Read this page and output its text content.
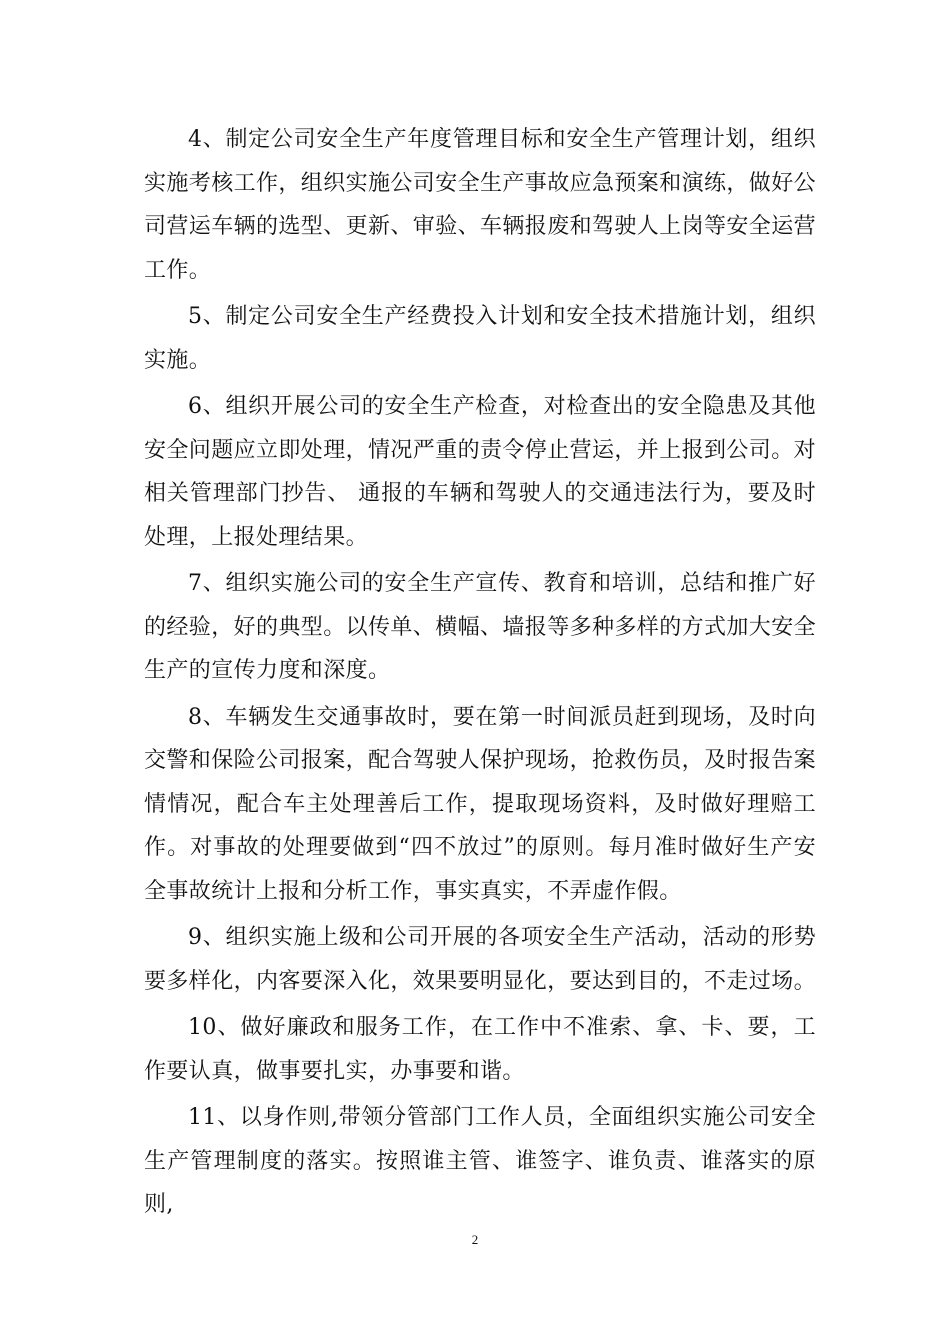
4、制定公司安全生产年度管理目标和安全生产管理计划，组织实施考核工作，组织实施公司安全生产事故应急预案和演练，做好公司营运车辆的选型、更新、审验、车辆报废和驾驶人上岗等安全运营工作。

5、制定公司安全生产经费投入计划和安全技术措施计划，组织实施。

6、组织开展公司的安全生产检查，对检查出的安全隐患及其他安全问题应立即处理，情况严重的责令停止营运，并上报到公司。对相关管理部门抄告、 通报的车辆和驾驶人的交通违法行为，要及时处理，上报处理结果。

7、组织实施公司的安全生产宣传、教育和培训，总结和推广好的经验，好的典型。以传单、横幅、墙报等多种多样的方式加大安全生产的宣传力度和深度。

8、车辆发生交通事故时，要在第一时间派员赶到现场，及时向交警和保险公司报案，配合驾驶人保护现场，抢救伤员，及时报告案情情况，配合车主处理善后工作，提取现场资料，及时做好理赔工作。对事故的处理要做到“四不放过”的原则。每月准时做好生产安全事故统计上报和分析工作，事实真实，不弄虚作假。

9、组织实施上级和公司开展的各项安全生产活动，活动的形势要多样化，内客要深入化，效果要明显化，要达到目的，不走过场。

10、做好廉政和服务工作，在工作中不准索、拿、卡、要，工作要认真，做事要扎实，办事要和谐。

11、以身作则,带领分管部门工作人员，全面组织实施公司安全生产管理制度的落实。按照谁主管、谁签字、谁负责、谁落实的原则,

2
